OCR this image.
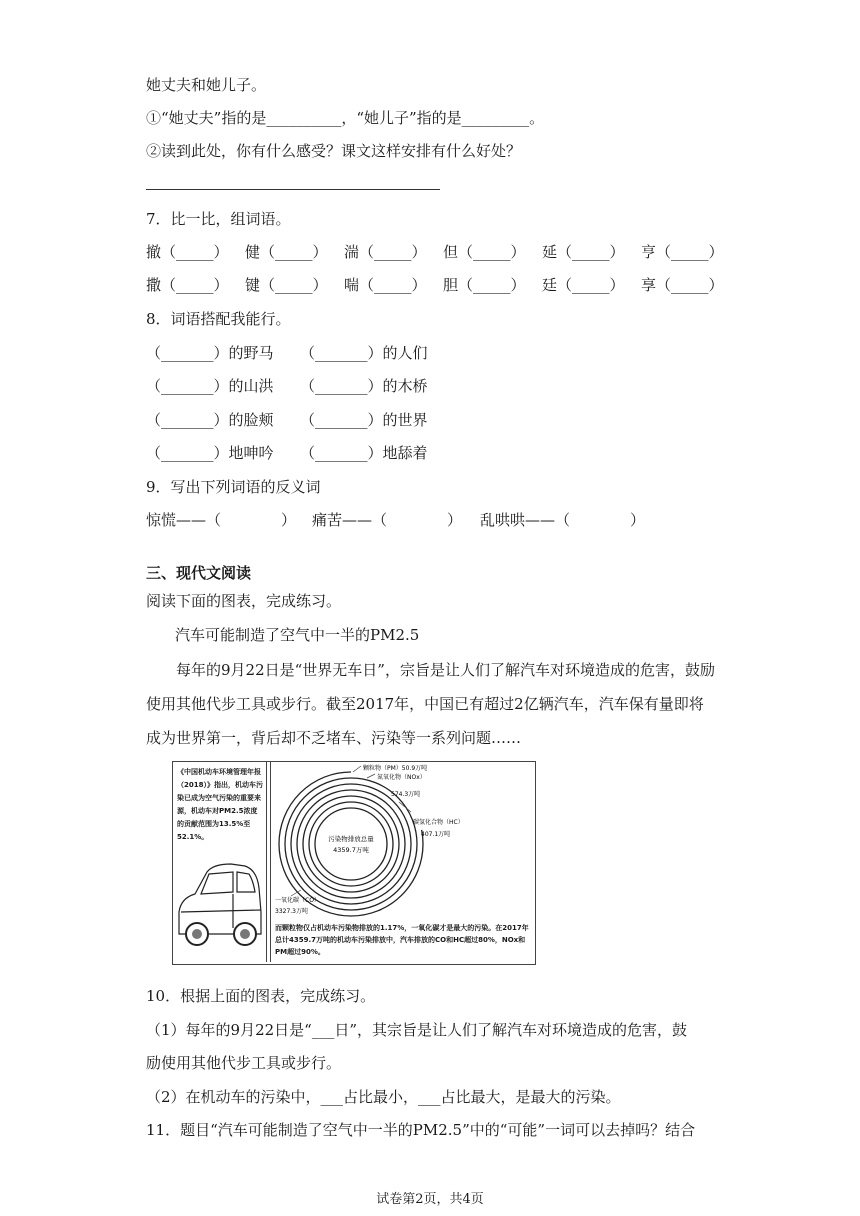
她丈夫和她儿子。
①“她丈夫”指的是__________，“她儿子”指的是_________。
②读到此处，你有什么感受？课文这样安排有什么好处？
7．比一比，组词语。
撤（_____）	健（_____）	湍（_____）	但（_____）	延（_____）	亨（_____）
撒（_____）	键（_____）	喘（_____）	胆（_____）	廷（_____）	享（_____）
8．词语搭配我能行。
（_______）的野马	（_______）的人们
（_______）的山洪	（_______）的木桥
（_______）的脸颊	（_______）的世界
（_______）地呻吟	（_______）地舔着
9．写出下列词语的反义词
惊慌——（　　　　）	痛苦——（　　　　）	乱哄哄——（　　　　）
三、现代文阅读
阅读下面的图表，完成练习。
汽车可能制造了空气中一半的PM2.5
每年的9月22日是“世界无车日”，宗旨是让人们了解汽车对环境造成的危害，鼓励使用其他代步工具或步行。截至2017年，中国已有超过2亿辆汽车，汽车保有量即将成为世界第一，背后却不乏堵车、污染等一系列问题……
《中国机动车环境管理年报（2018）》指出，机动车污染已成为空气污染的重要来源，机动车对PM2.5浓度的贡献范围为13.5%至52.1%。	污染物排放总量
4359.7万吨
颗粒物（PM）50.9万吨
氮氧化物（NOx）
574.3万吨
碳氢化合物（HC）
407.1万吨
一氧化碳（CO）
3327.3万吨
而颗粒物仅占机动车污染物排放的1.17%，一氧化碳才是最大的污染。在2017年总计4359.7万吨的机动车污染排放中，汽车排放的CO和HC超过80%，NOx和PM超过90%。
10．根据上面的图表，完成练习。
（1）每年的9月22日是“___日”，其宗旨是让人们了解汽车对环境造成的危害，鼓
励使用其他代步工具或步行。
（2）在机动车的污染中，___占比最小，___占比最大，是最大的污染。
11．题目“汽车可能制造了空气中一半的PM2.5”中的“可能”一词可以去掉吗？结合
试卷第2页，共4页
